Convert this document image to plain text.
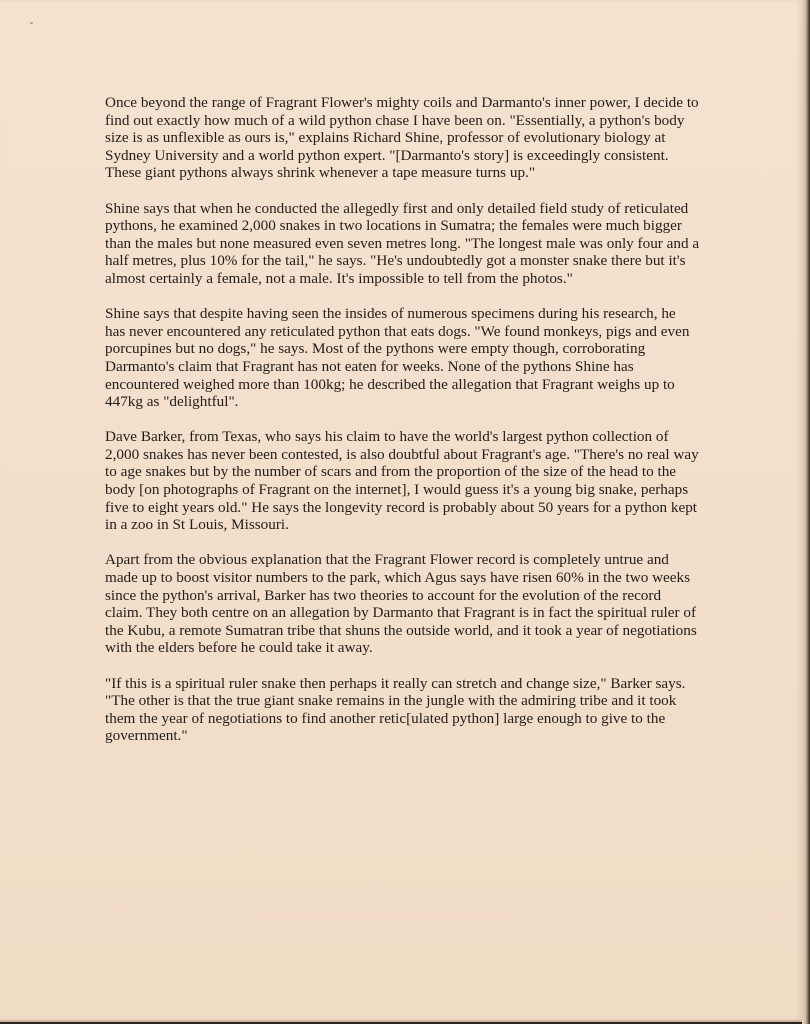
Once beyond the range of Fragrant Flower's mighty coils and Darmanto's inner power, I decide to
find out exactly how much of a wild python chase I have been on. "Essentially, a python's body
size is as unflexible as ours is," explains Richard Shine, professor of evolutionary biology at
Sydney University and a world python expert. "[Darmanto's story] is exceedingly consistent.
These giant pythons always shrink whenever a tape measure turns up."

Shine says that when he conducted the allegedly first and only detailed field study of reticulated
pythons, he examined 2,000 snakes in two locations in Sumatra; the females were much bigger
than the males but none measured even seven metres long. "The longest male was only four and a
half metres, plus 10% for the tail," he says. "He's undoubtedly got a monster snake there but it's
almost certainly a female, not a male. It's impossible to tell from the photos."

Shine says that despite having seen the insides of numerous specimens during his research, he
has never encountered any reticulated python that eats dogs. "We found monkeys, pigs and even
porcupines but no dogs," he says. Most of the pythons were empty though, corroborating
Darmanto's claim that Fragrant has not eaten for weeks. None of the pythons Shine has
encountered weighed more than 100kg; he described the allegation that Fragrant weighs up to
447kg as "delightful".

Dave Barker, from Texas, who says his claim to have the world's largest python collection of
2,000 snakes has never been contested, is also doubtful about Fragrant's age. "There's no real way
to age snakes but by the number of scars and from the proportion of the size of the head to the
body [on photographs of Fragrant on the internet], I would guess it's a young big snake, perhaps
five to eight years old." He says the longevity record is probably about 50 years for a python kept
in a zoo in St Louis, Missouri.

Apart from the obvious explanation that the Fragrant Flower record is completely untrue and
made up to boost visitor numbers to the park, which Agus says have risen 60% in the two weeks
since the python's arrival, Barker has two theories to account for the evolution of the record
claim. They both centre on an allegation by Darmanto that Fragrant is in fact the spiritual ruler of
the Kubu, a remote Sumatran tribe that shuns the outside world, and it took a year of negotiations
with the elders before he could take it away.

"If this is a spiritual ruler snake then perhaps it really can stretch and change size," Barker says.
"The other is that the true giant snake remains in the jungle with the admiring tribe and it took
them the year of negotiations to find another retic[ulated python] large enough to give to the
government."
